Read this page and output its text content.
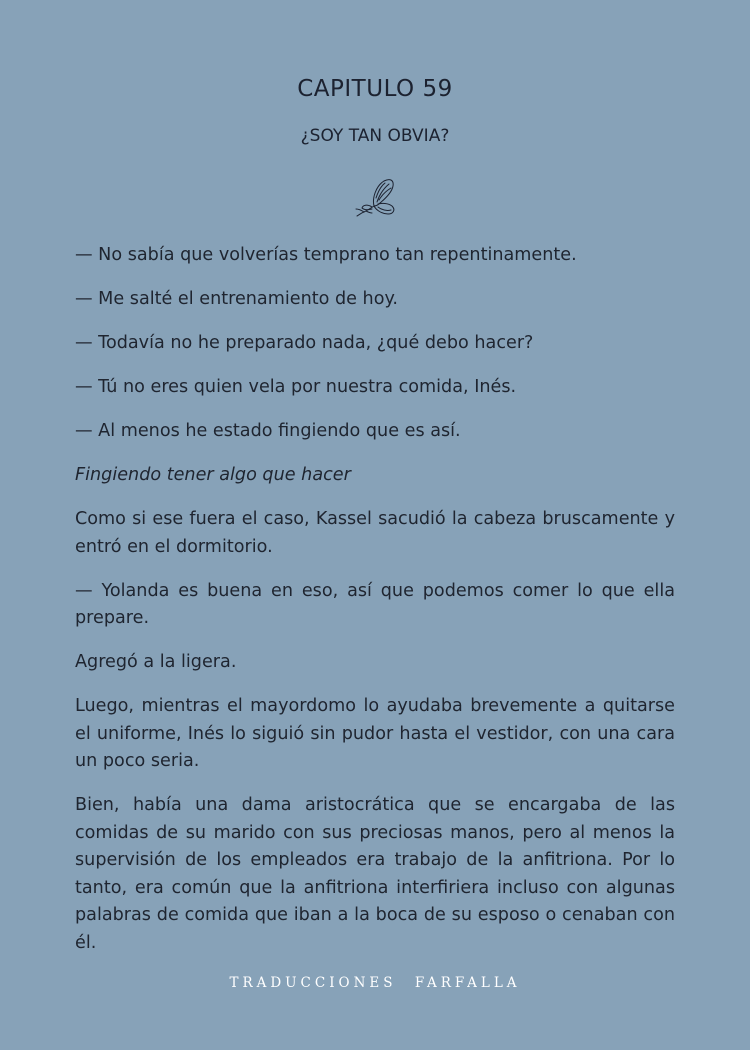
CAPITULO 59
¿SOY TAN OBVIA?

— No sabía que volverías temprano tan repentinamente.

— Me salté el entrenamiento de hoy.

— Todavía no he preparado nada, ¿qué debo hacer?

— Tú no eres quien vela por nuestra comida, Inés.

— Al menos he estado fingiendo que es así.

Fingiendo tener algo que hacer

Como si ese fuera el caso, Kassel sacudió la cabeza bruscamente y entró en el dormitorio.

— Yolanda es buena en eso, así que podemos comer lo que ella prepare.

Agregó a la ligera.

Luego, mientras el mayordomo lo ayudaba brevemente a quitarse el uniforme, Inés lo siguió sin pudor hasta el vestidor, con una cara un poco seria.

Bien, había una dama aristocrática que se encargaba de las comidas de su marido con sus preciosas manos, pero al menos la supervisión de los empleados era trabajo de la anfitriona. Por lo tanto, era común que la anfitriona interfiriera incluso con algunas palabras de comida que iban a la boca de su esposo o cenaban con él.

TRADUCCIONES FARFALLA
